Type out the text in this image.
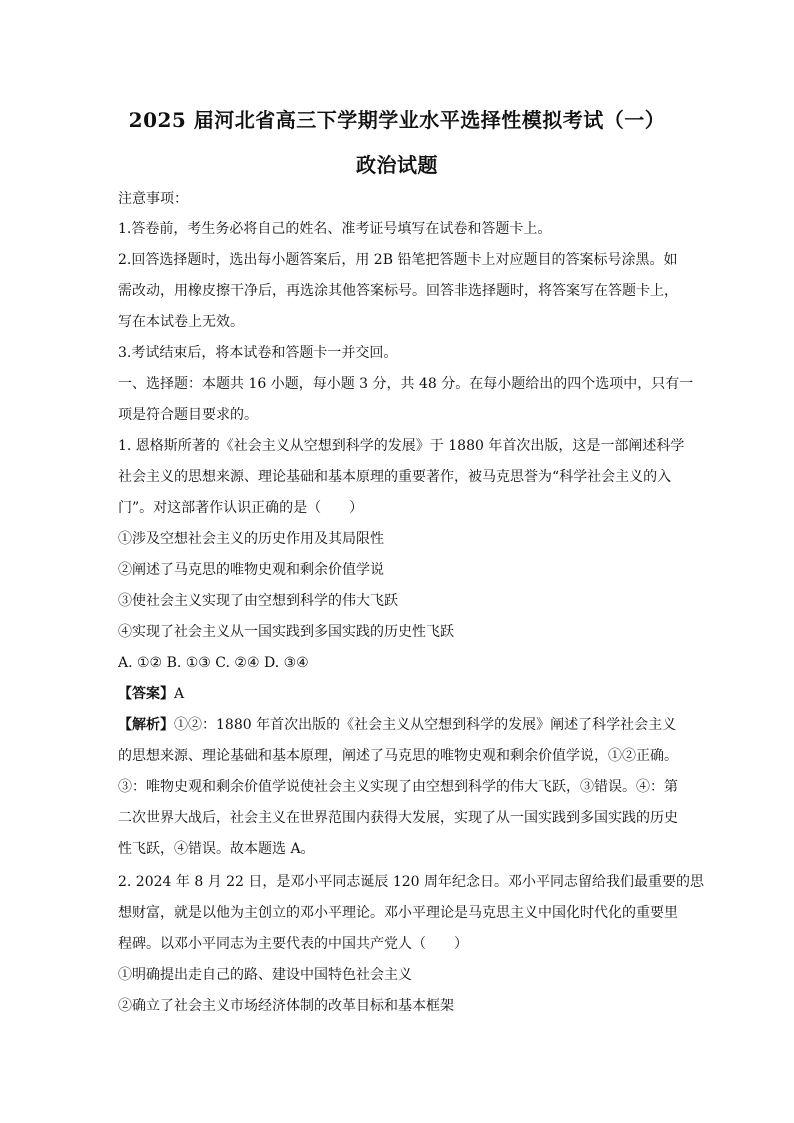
2025 届河北省高三下学期学业水平选择性模拟考试（一）
政治试题
注意事项：
1.答卷前，考生务必将自己的姓名、准考证号填写在试卷和答题卡上。
2.回答选择题时，选出每小题答案后，用 2B 铅笔把答题卡上对应题目的答案标号涂黑。如
需改动，用橡皮擦干净后，再选涂其他答案标号。回答非选择题时，将答案写在答题卡上，
写在本试卷上无效。
3.考试结束后，将本试卷和答题卡一并交回。
一、选择题：本题共 16 小题，每小题 3 分，共 48 分。在每小题给出的四个选项中，只有一
项是符合题目要求的。
1. 恩格斯所著的《社会主义从空想到科学的发展》于 1880 年首次出版，这是一部阐述科学
社会主义的思想来源、理论基础和基本原理的重要著作，被马克思誉为“科学社会主义的入
门”。对这部著作认识正确的是（　　）
①涉及空想社会主义的历史作用及其局限性
②阐述了马克思的唯物史观和剩余价值学说
③使社会主义实现了由空想到科学的伟大飞跃
④实现了社会主义从一国实践到多国实践的历史性飞跃
A. ①② B. ①③ C. ②④ D. ③④
【答案】A
【解析】①②：1880 年首次出版的《社会主义从空想到科学的发展》阐述了科学社会主义
的思想来源、理论基础和基本原理，阐述了马克思的唯物史观和剩余价值学说，①②正确。
③：唯物史观和剩余价值学说使社会主义实现了由空想到科学的伟大飞跃，③错误。④：第
二次世界大战后，社会主义在世界范围内获得大发展，实现了从一国实践到多国实践的历史
性飞跃，④错误。故本题选 A。
2. 2024 年 8 月 22 日，是邓小平同志诞辰 120 周年纪念日。邓小平同志留给我们最重要的思
想财富，就是以他为主创立的邓小平理论。邓小平理论是马克思主义中国化时代化的重要里
程碑。以邓小平同志为主要代表的中国共产党人（　　）
①明确提出走自己的路、建设中国特色社会主义
②确立了社会主义市场经济体制的改革目标和基本框架
